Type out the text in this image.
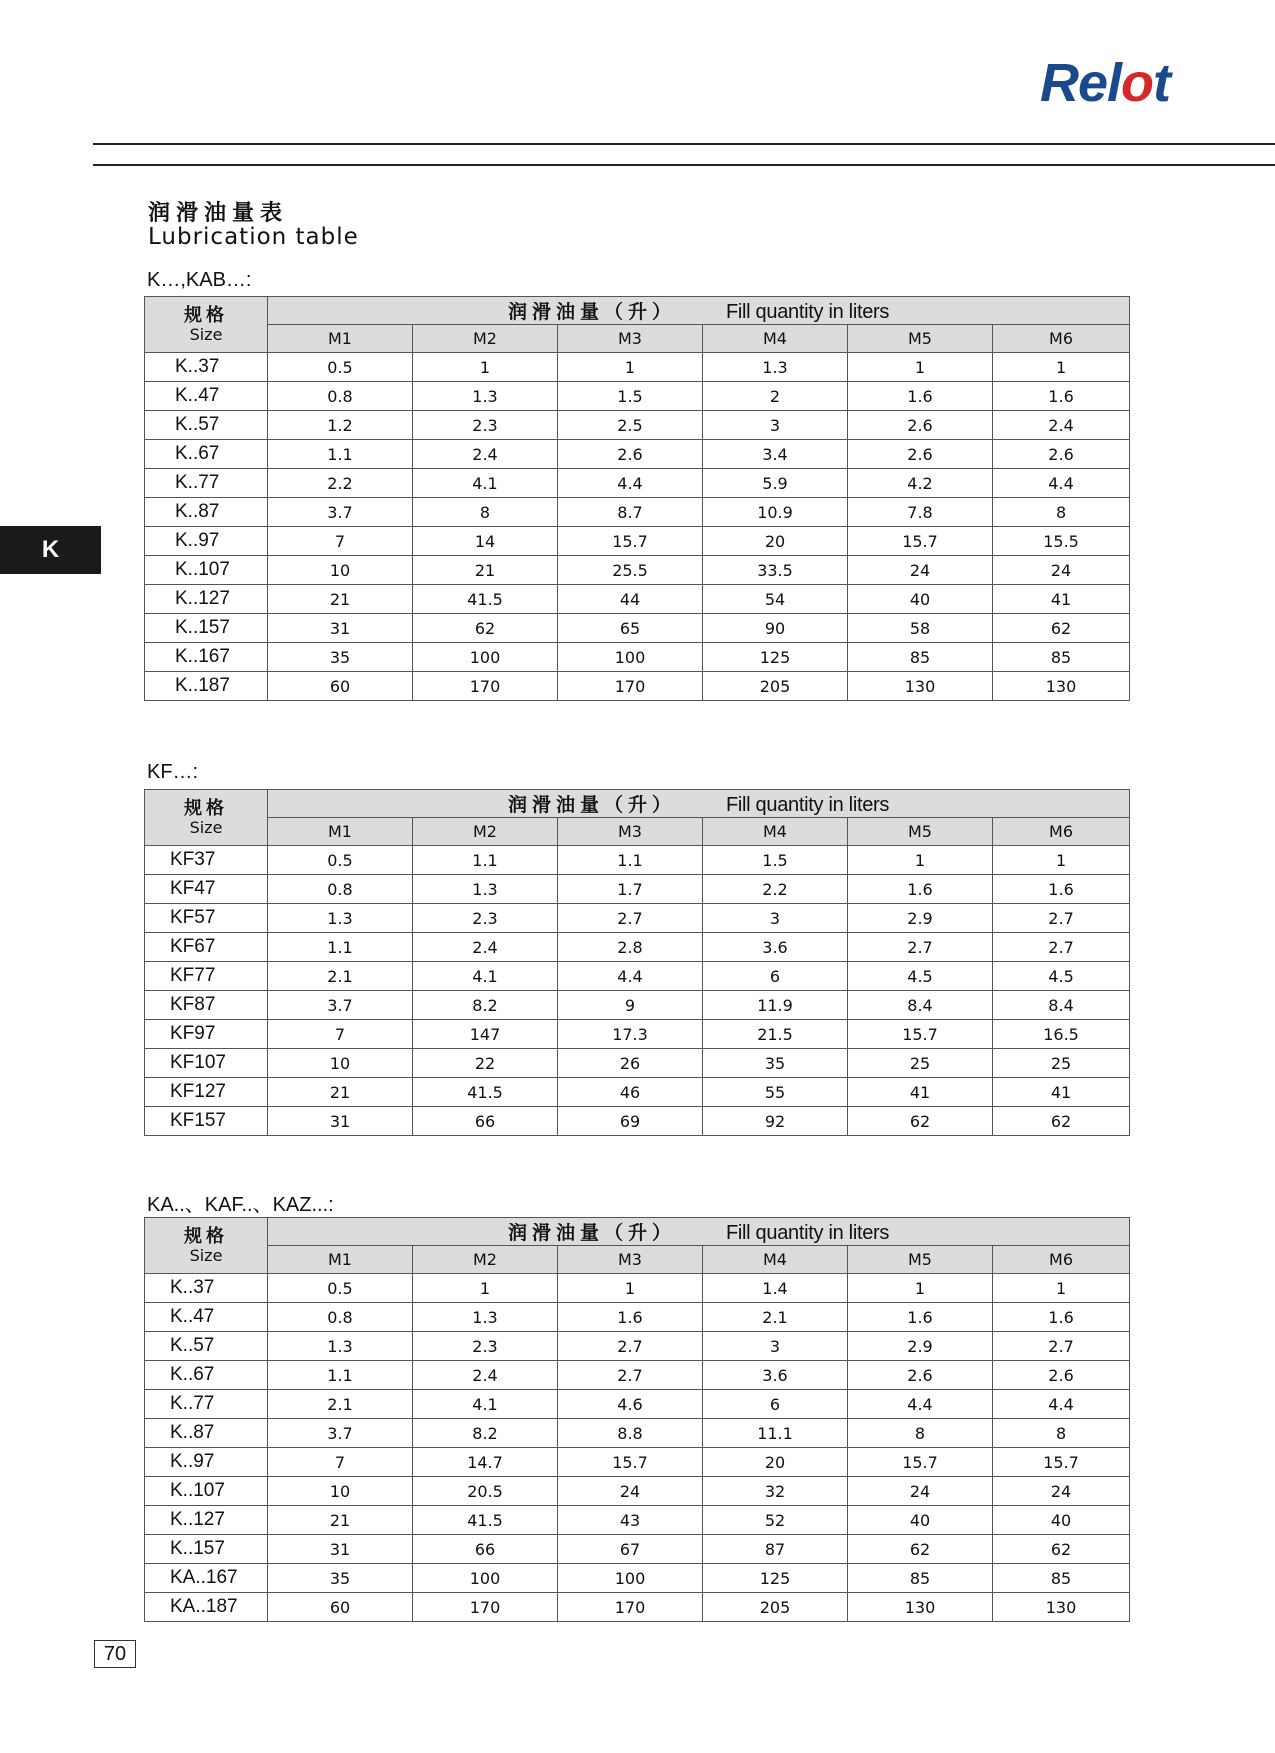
Relot
润滑油量表
Lubrication table
K
K…,KAB…:
规格
Size	润滑油量（升） Fill quantity in liters					
	M1	M2	M3	M4	M5	M6
K..37	0.5	1	1	1.3	1	1
K..47	0.8	1.3	1.5	2	1.6	1.6
K..57	1.2	2.3	2.5	3	2.6	2.4
K..67	1.1	2.4	2.6	3.4	2.6	2.6
K..77	2.2	4.1	4.4	5.9	4.2	4.4
K..87	3.7	8	8.7	10.9	7.8	8
K..97	7	14	15.7	20	15.7	15.5
K..107	10	21	25.5	33.5	24	24
K..127	21	41.5	44	54	40	41
K..157	31	62	65	90	58	62
K..167	35	100	100	125	85	85
K..187	60	170	170	205	130	130
KF…:
规格
Size	润滑油量（升） Fill quantity in liters					
	M1	M2	M3	M4	M5	M6
KF37	0.5	1.1	1.1	1.5	1	1
KF47	0.8	1.3	1.7	2.2	1.6	1.6
KF57	1.3	2.3	2.7	3	2.9	2.7
KF67	1.1	2.4	2.8	3.6	2.7	2.7
KF77	2.1	4.1	4.4	6	4.5	4.5
KF87	3.7	8.2	9	11.9	8.4	8.4
KF97	7	147	17.3	21.5	15.7	16.5
KF107	10	22	26	35	25	25
KF127	21	41.5	46	55	41	41
KF157	31	66	69	92	62	62
KA..、KAF..、KAZ...:
规格
Size	润滑油量（升） Fill quantity in liters					
	M1	M2	M3	M4	M5	M6
K..37	0.5	1	1	1.4	1	1
K..47	0.8	1.3	1.6	2.1	1.6	1.6
K..57	1.3	2.3	2.7	3	2.9	2.7
K..67	1.1	2.4	2.7	3.6	2.6	2.6
K..77	2.1	4.1	4.6	6	4.4	4.4
K..87	3.7	8.2	8.8	11.1	8	8
K..97	7	14.7	15.7	20	15.7	15.7
K..107	10	20.5	24	32	24	24
K..127	21	41.5	43	52	40	40
K..157	31	66	67	87	62	62
KA..167	35	100	100	125	85	85
KA..187	60	170	170	205	130	130
70
